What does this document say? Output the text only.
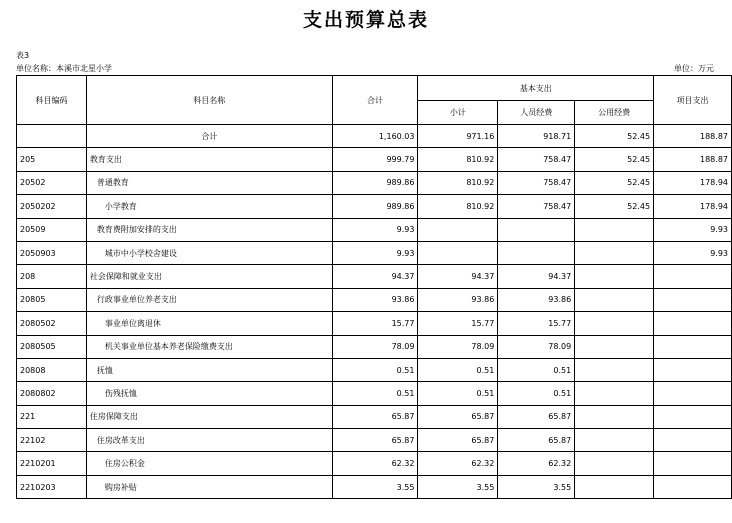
支出预算总表
表3
单位名称：本溪市北星小学	单位：万元
科目编码	科目名称	合计	基本支出			项目支出
			小计	人员经费	公用经费	
	合计	1,160.03	971.16	918.71	52.45	188.87
205	教育支出	999.79	810.92	758.47	52.45	188.87
20502	普通教育	989.86	810.92	758.47	52.45	178.94
2050202	小学教育	989.86	810.92	758.47	52.45	178.94
20509	教育费附加安排的支出	9.93				9.93
2050903	城市中小学校舍建设	9.93				9.93
208	社会保障和就业支出	94.37	94.37	94.37		
20805	行政事业单位养老支出	93.86	93.86	93.86		
2080502	事业单位离退休	15.77	15.77	15.77		
2080505	机关事业单位基本养老保险缴费支出	78.09	78.09	78.09		
20808	抚恤	0.51	0.51	0.51		
2080802	伤残抚恤	0.51	0.51	0.51		
221	住房保障支出	65.87	65.87	65.87		
22102	住房改革支出	65.87	65.87	65.87		
2210201	住房公积金	62.32	62.32	62.32		
2210203	购房补贴	3.55	3.55	3.55		
